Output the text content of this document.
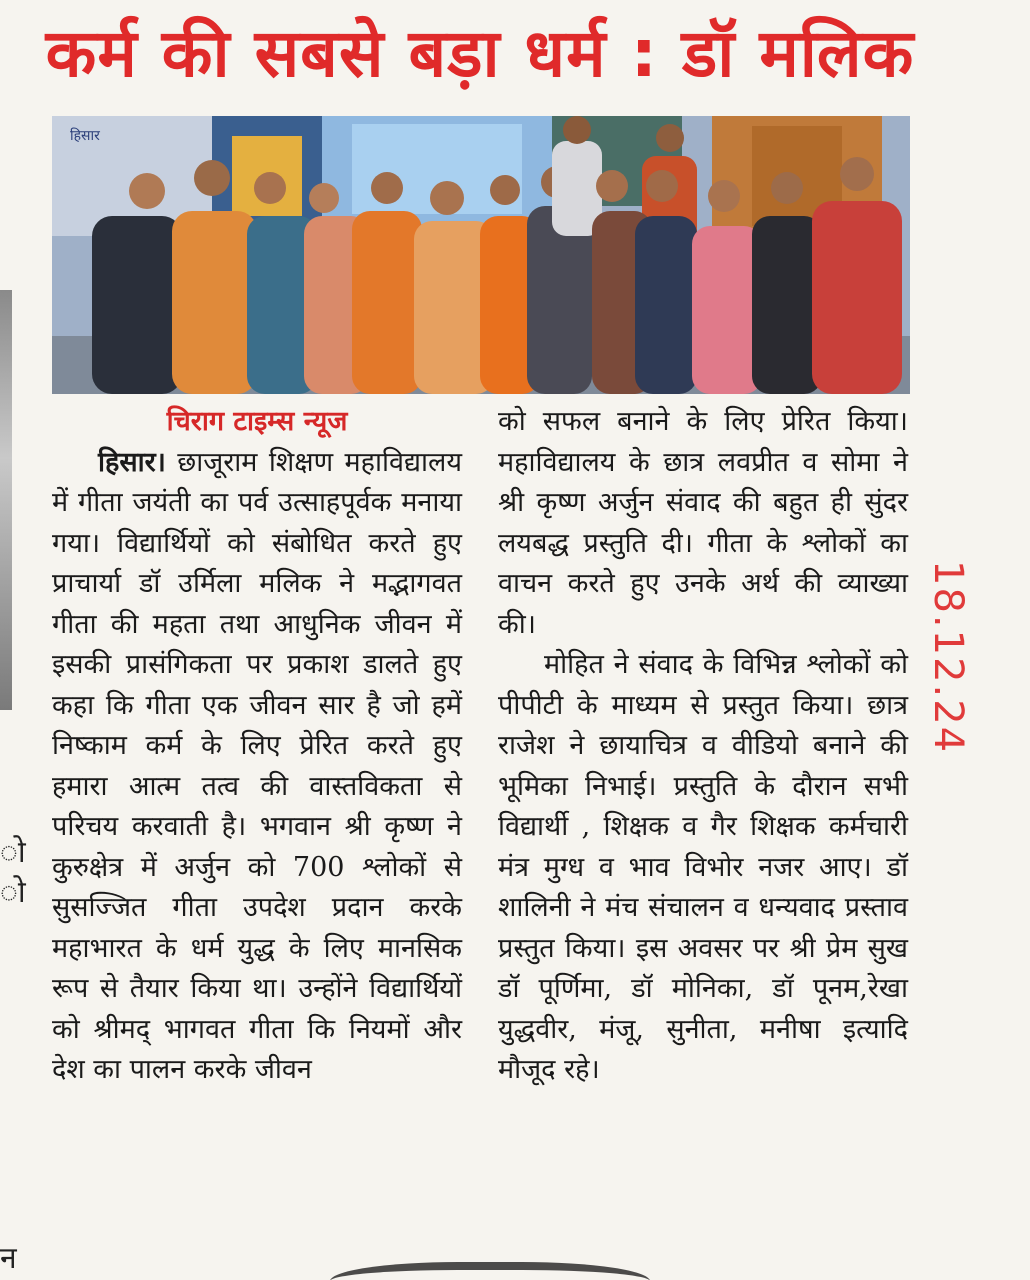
ो
ो
न
कर्म की सबसे बड़ा धर्म : डॉ मलिक
हिसार
चिराग टाइम्स न्यूज
हिसार। छाजूराम शिक्षण महाविद्यालय में गीता जयंती का पर्व उत्साहपूर्वक मनाया गया। विद्यार्थियों को संबोधित करते हुए प्राचार्या डॉ उर्मिला मलिक ने मद्भागवत गीता की महता तथा आधुनिक जीवन में इसकी प्रासंगिकता पर प्रकाश डालते हुए कहा कि गीता एक जीवन सार है जो हमें निष्काम कर्म के लिए प्रेरित करते हुए हमारा आत्म तत्व की वास्तविकता से परिचय करवाती है। भगवान श्री कृष्ण ने कुरुक्षेत्र में अर्जुन को 700 श्लोकों से सुसज्जित गीता उपदेश प्रदान करके महाभारत के धर्म युद्ध के लिए मानसिक रूप से तैयार किया था। उन्होंने विद्यार्थियों को श्रीमद् भागवत गीता कि नियमों और देश का पालन करके जीवन
को सफल बनाने के लिए प्रेरित किया। महाविद्यालय के छात्र लवप्रीत व सोमा ने श्री कृष्ण अर्जुन संवाद की बहुत ही सुंदर लयबद्ध प्रस्तुति दी। गीता के श्लोकों का वाचन करते हुए उनके अर्थ की व्याख्या की।
मोहित ने संवाद के विभिन्न श्लोकों को पीपीटी के माध्यम से प्रस्तुत किया। छात्र राजेश ने छायाचित्र व वीडियो बनाने की भूमिका निभाई। प्रस्तुति के दौरान सभी विद्यार्थी , शिक्षक व गैर शिक्षक कर्मचारी मंत्र मुग्ध व भाव विभोर नजर आए। डॉ शालिनी ने मंच संचालन व धन्यवाद प्रस्ताव प्रस्तुत किया। इस अवसर पर श्री प्रेम सुख डॉ पूर्णिमा, डॉ मोनिका, डॉ पूनम,रेखा युद्धवीर, मंजू, सुनीता, मनीषा इत्यादि मौजूद रहे।
18.12.24
